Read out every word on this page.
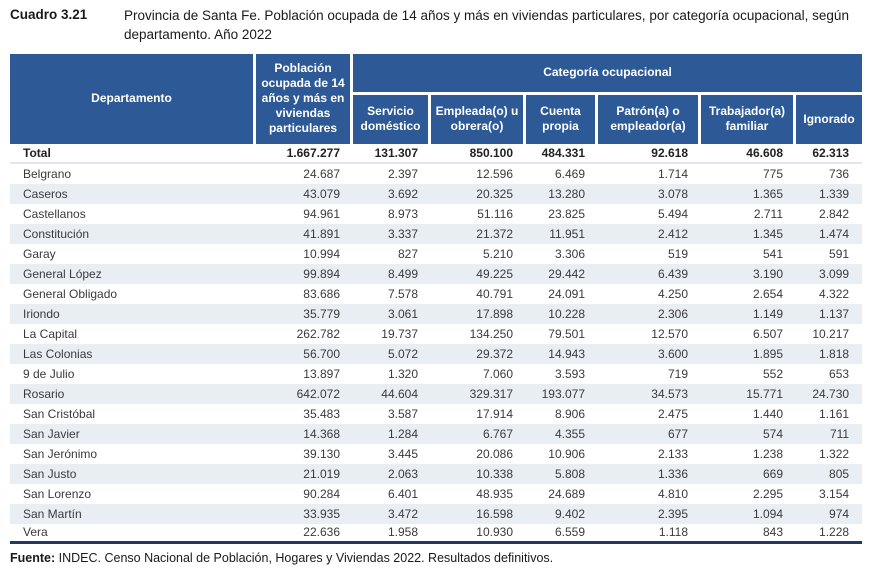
Cuadro 3.21	Provincia de Santa Fe. Población ocupada de 14 años y más en viviendas particulares, por categoría ocupacional, según departamento. Año 2022
Departamento	Población ocupada de 14 años y más en viviendas particulares	Categoría ocupacional					
		Servicio doméstico	Empleada(o) u obrera(o)	Cuenta propia	Patrón(a) o empleador(a)	Trabajador(a) familiar	Ignorado
Total	1.667.277	131.307	850.100	484.331	92.618	46.608	62.313
Belgrano	24.687	2.397	12.596	6.469	1.714	775	736
Caseros	43.079	3.692	20.325	13.280	3.078	1.365	1.339
Castellanos	94.961	8.973	51.116	23.825	5.494	2.711	2.842
Constitución	41.891	3.337	21.372	11.951	2.412	1.345	1.474
Garay	10.994	827	5.210	3.306	519	541	591
General López	99.894	8.499	49.225	29.442	6.439	3.190	3.099
General Obligado	83.686	7.578	40.791	24.091	4.250	2.654	4.322
Iriondo	35.779	3.061	17.898	10.228	2.306	1.149	1.137
La Capital	262.782	19.737	134.250	79.501	12.570	6.507	10.217
Las Colonias	56.700	5.072	29.372	14.943	3.600	1.895	1.818
9 de Julio	13.897	1.320	7.060	3.593	719	552	653
Rosario	642.072	44.604	329.317	193.077	34.573	15.771	24.730
San Cristóbal	35.483	3.587	17.914	8.906	2.475	1.440	1.161
San Javier	14.368	1.284	6.767	4.355	677	574	711
San Jerónimo	39.130	3.445	20.086	10.906	2.133	1.238	1.322
San Justo	21.019	2.063	10.338	5.808	1.336	669	805
San Lorenzo	90.284	6.401	48.935	24.689	4.810	2.295	3.154
San Martín	33.935	3.472	16.598	9.402	2.395	1.094	974
Vera	22.636	1.958	10.930	6.559	1.118	843	1.228
Fuente: INDEC. Censo Nacional de Población, Hogares y Viviendas 2022. Resultados definitivos.
